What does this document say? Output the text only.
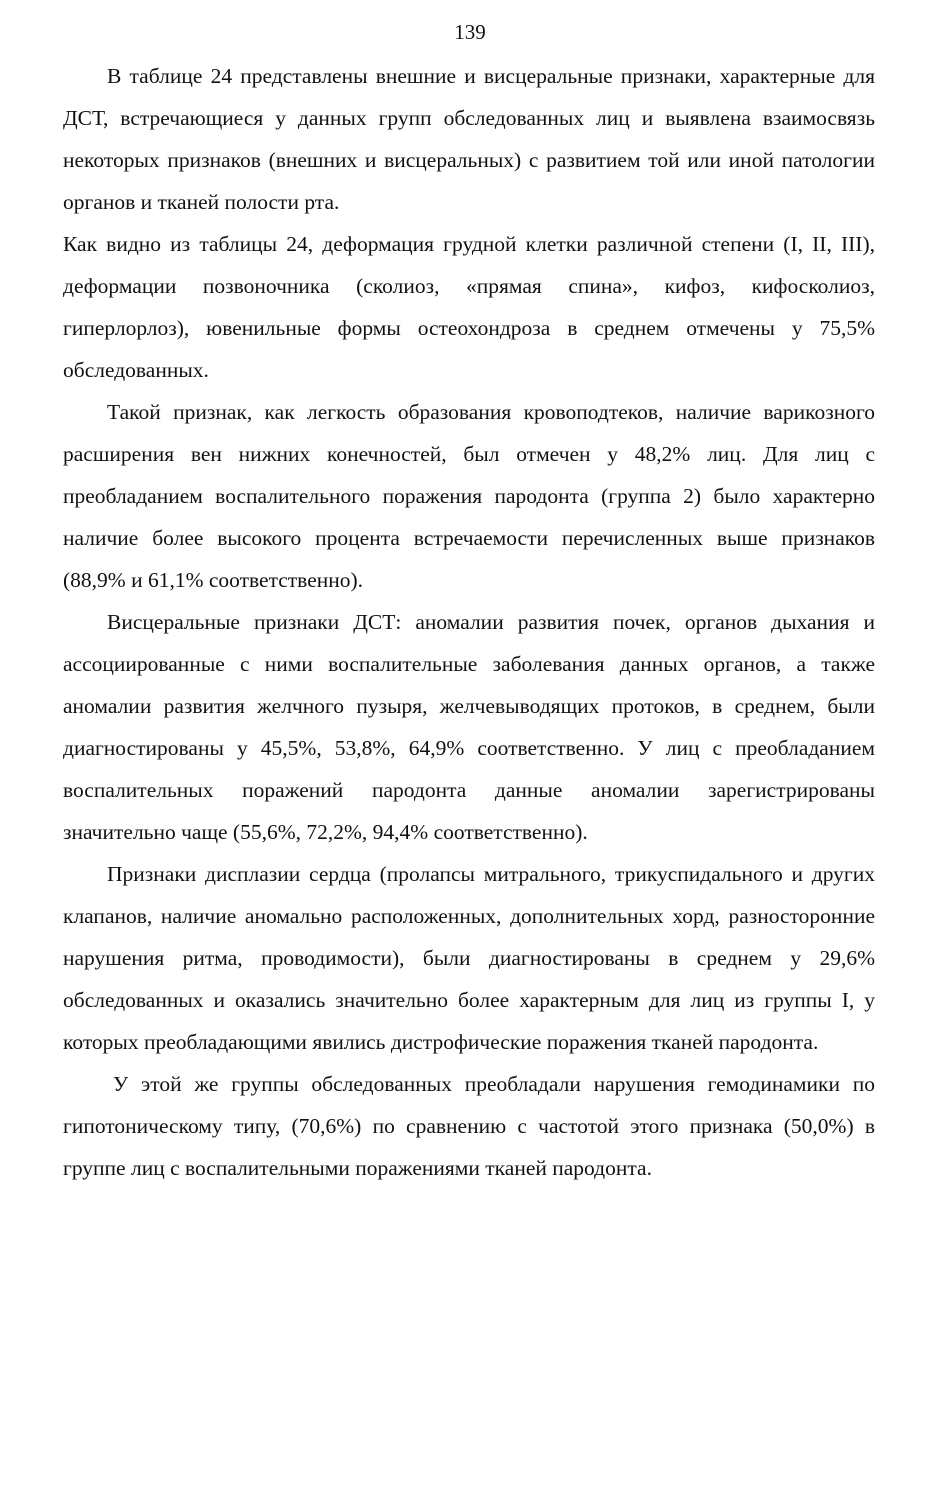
139

В таблице 24 представлены внешние и висцеральные признаки, характерные для ДСТ, встречающиеся у данных групп обследованных лиц и выявлена взаимосвязь некоторых признаков (внешних и висцеральных) с развитием той или иной патологии органов и тканей полости рта.

Как видно из таблицы 24, деформация грудной клетки различной степени (I, II, III), деформации позвоночника (сколиоз, «прямая спина», кифоз, кифосколиоз, гиперлорлоз), ювенильные формы остеохондроза в среднем отмечены у 75,5% обследованных.

Такой признак, как легкость образования кровоподтеков, наличие варикозного расширения вен нижних конечностей, был отмечен у 48,2% лиц. Для лиц с преобладанием воспалительного поражения пародонта (группа 2) было характерно наличие более высокого процента встречаемости перечисленных выше признаков (88,9% и 61,1% соответственно).

Висцеральные признаки ДСТ: аномалии развития почек, органов дыхания и ассоциированные с ними воспалительные заболевания данных органов, а также аномалии развития желчного пузыря, желчевыводящих протоков, в среднем, были диагностированы у 45,5%, 53,8%, 64,9% соответственно. У лиц с преобладанием воспалительных поражений пародонта данные аномалии зарегистрированы значительно чаще (55,6%, 72,2%, 94,4% соответственно).

Признаки дисплазии сердца (пролапсы митрального, трикуспидального и других клапанов, наличие аномально расположенных, дополнительных хорд, разносторонние нарушения ритма, проводимости), были диагностированы в среднем у 29,6% обследованных и оказались значительно более характерным для лиц из группы I, у которых преобладающими явились дистрофические поражения тканей пародонта.

У этой же группы обследованных преобладали нарушения гемодинамики по гипотоническому типу, (70,6%) по сравнению с частотой этого признака (50,0%) в группе лиц с воспалительными поражениями тканей пародонта.
